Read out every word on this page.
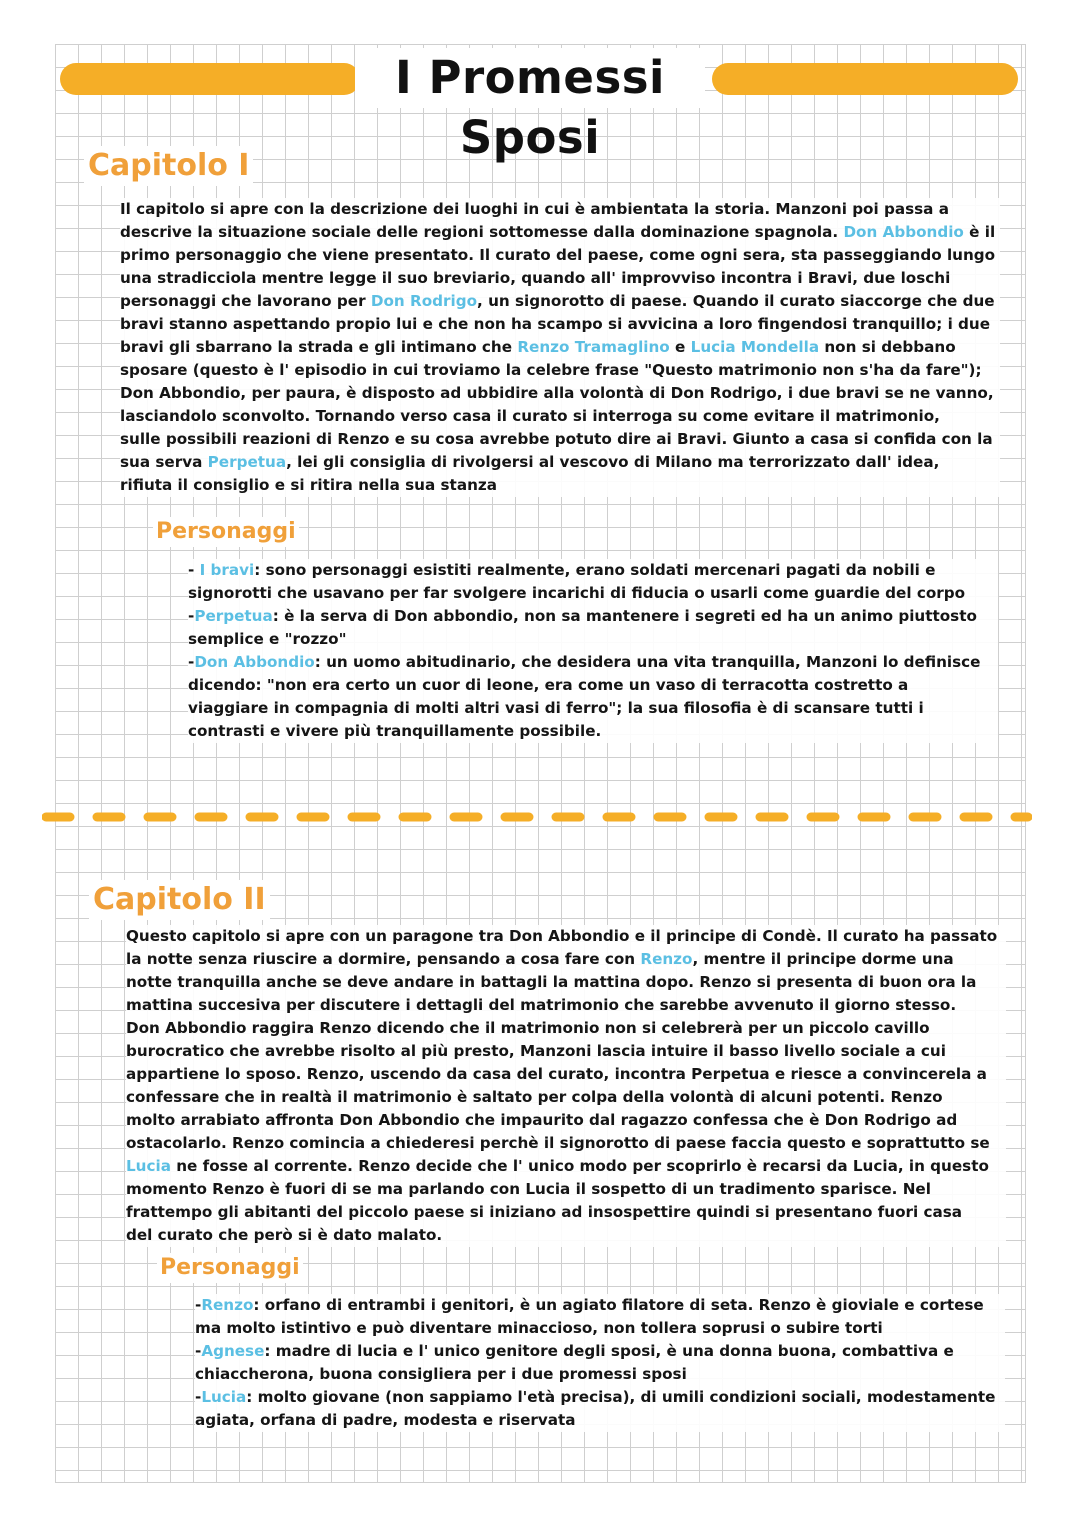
I Promessi Sposi
Capitolo I
Il capitolo si apre con la descrizione dei luoghi in cui è ambientata la storia. Manzoni poi passa a
descrive la situazione sociale delle regioni sottomesse dalla dominazione spagnola. Don Abbondio è il
primo personaggio che viene presentato. Il curato del paese, come ogni sera, sta passeggiando lungo
una stradicciola mentre legge il suo breviario, quando all' improvviso incontra i Bravi, due loschi
personaggi che lavorano per Don Rodrigo, un signorotto di paese. Quando il curato siaccorge che due
bravi stanno aspettando propio lui e che non ha scampo si avvicina a loro fingendosi tranquillo; i due
bravi gli sbarrano la strada e gli intimano che Renzo Tramaglino e Lucia Mondella non si debbano
sposare (questo è l' episodio in cui troviamo la celebre frase "Questo matrimonio non s'ha da fare");
Don Abbondio, per paura, è disposto ad ubbidire alla volontà di Don Rodrigo, i due bravi se ne vanno,
lasciandolo sconvolto. Tornando verso casa il curato si interroga su come evitare il matrimonio,
sulle possibili reazioni di Renzo e su cosa avrebbe potuto dire ai Bravi. Giunto a casa si confida con la
sua serva Perpetua, lei gli consiglia di rivolgersi al vescovo di Milano ma terrorizzato dall' idea,
rifiuta il consiglio e si ritira nella sua stanza
Personaggi
- I bravi: sono personaggi esistiti realmente, erano soldati mercenari pagati da nobili e
signorotti che usavano per far svolgere incarichi di fiducia o usarli come guardie del corpo
-Perpetua: è la serva di Don abbondio, non sa mantenere i segreti ed ha un animo piuttosto
semplice e "rozzo"
-Don Abbondio: un uomo abitudinario, che desidera una vita tranquilla, Manzoni lo definisce
dicendo: "non era certo un cuor di leone, era come un vaso di terracotta costretto a
viaggiare in compagnia di molti altri vasi di ferro"; la sua filosofia è di scansare tutti i
contrasti e vivere più tranquillamente possibile.
Capitolo II
Questo capitolo si apre con un paragone tra Don Abbondio e il principe di Condè. Il curato ha passato
la notte senza riuscire a dormire, pensando a cosa fare con Renzo, mentre il principe dorme una
notte tranquilla anche se deve andare in battagli la mattina dopo. Renzo si presenta di buon ora la
mattina succesiva per discutere i dettagli del matrimonio che sarebbe avvenuto il giorno stesso.
Don Abbondio raggira Renzo dicendo che il matrimonio non si celebrerà per un piccolo cavillo
burocratico che avrebbe risolto al più presto, Manzoni lascia intuire il basso livello sociale a cui
appartiene lo sposo. Renzo, uscendo da casa del curato, incontra Perpetua e riesce a convincerela a
confessare che in realtà il matrimonio è saltato per colpa della volontà di alcuni potenti. Renzo
molto arrabiato affronta Don Abbondio che impaurito dal ragazzo confessa che è Don Rodrigo ad
ostacolarlo. Renzo comincia a chiederesi perchè il signorotto di paese faccia questo e soprattutto se
Lucia ne fosse al corrente. Renzo decide che l' unico modo per scoprirlo è recarsi da Lucia, in questo
momento Renzo è fuori di se ma parlando con Lucia il sospetto di un tradimento sparisce. Nel
frattempo gli abitanti del piccolo paese si iniziano ad insospettire quindi si presentano fuori casa
del curato che però si è dato malato.
Personaggi
-Renzo: orfano di entrambi i genitori, è un agiato filatore di seta. Renzo è gioviale e cortese
ma molto istintivo e può diventare minaccioso, non tollera soprusi o subire torti
-Agnese: madre di lucia e l' unico genitore degli sposi, è una donna buona, combattiva e
chiaccherona, buona consigliera per i due promessi sposi
-Lucia: molto giovane (non sappiamo l'età precisa), di umili condizioni sociali, modestamente
agiata, orfana di padre, modesta e riservata
